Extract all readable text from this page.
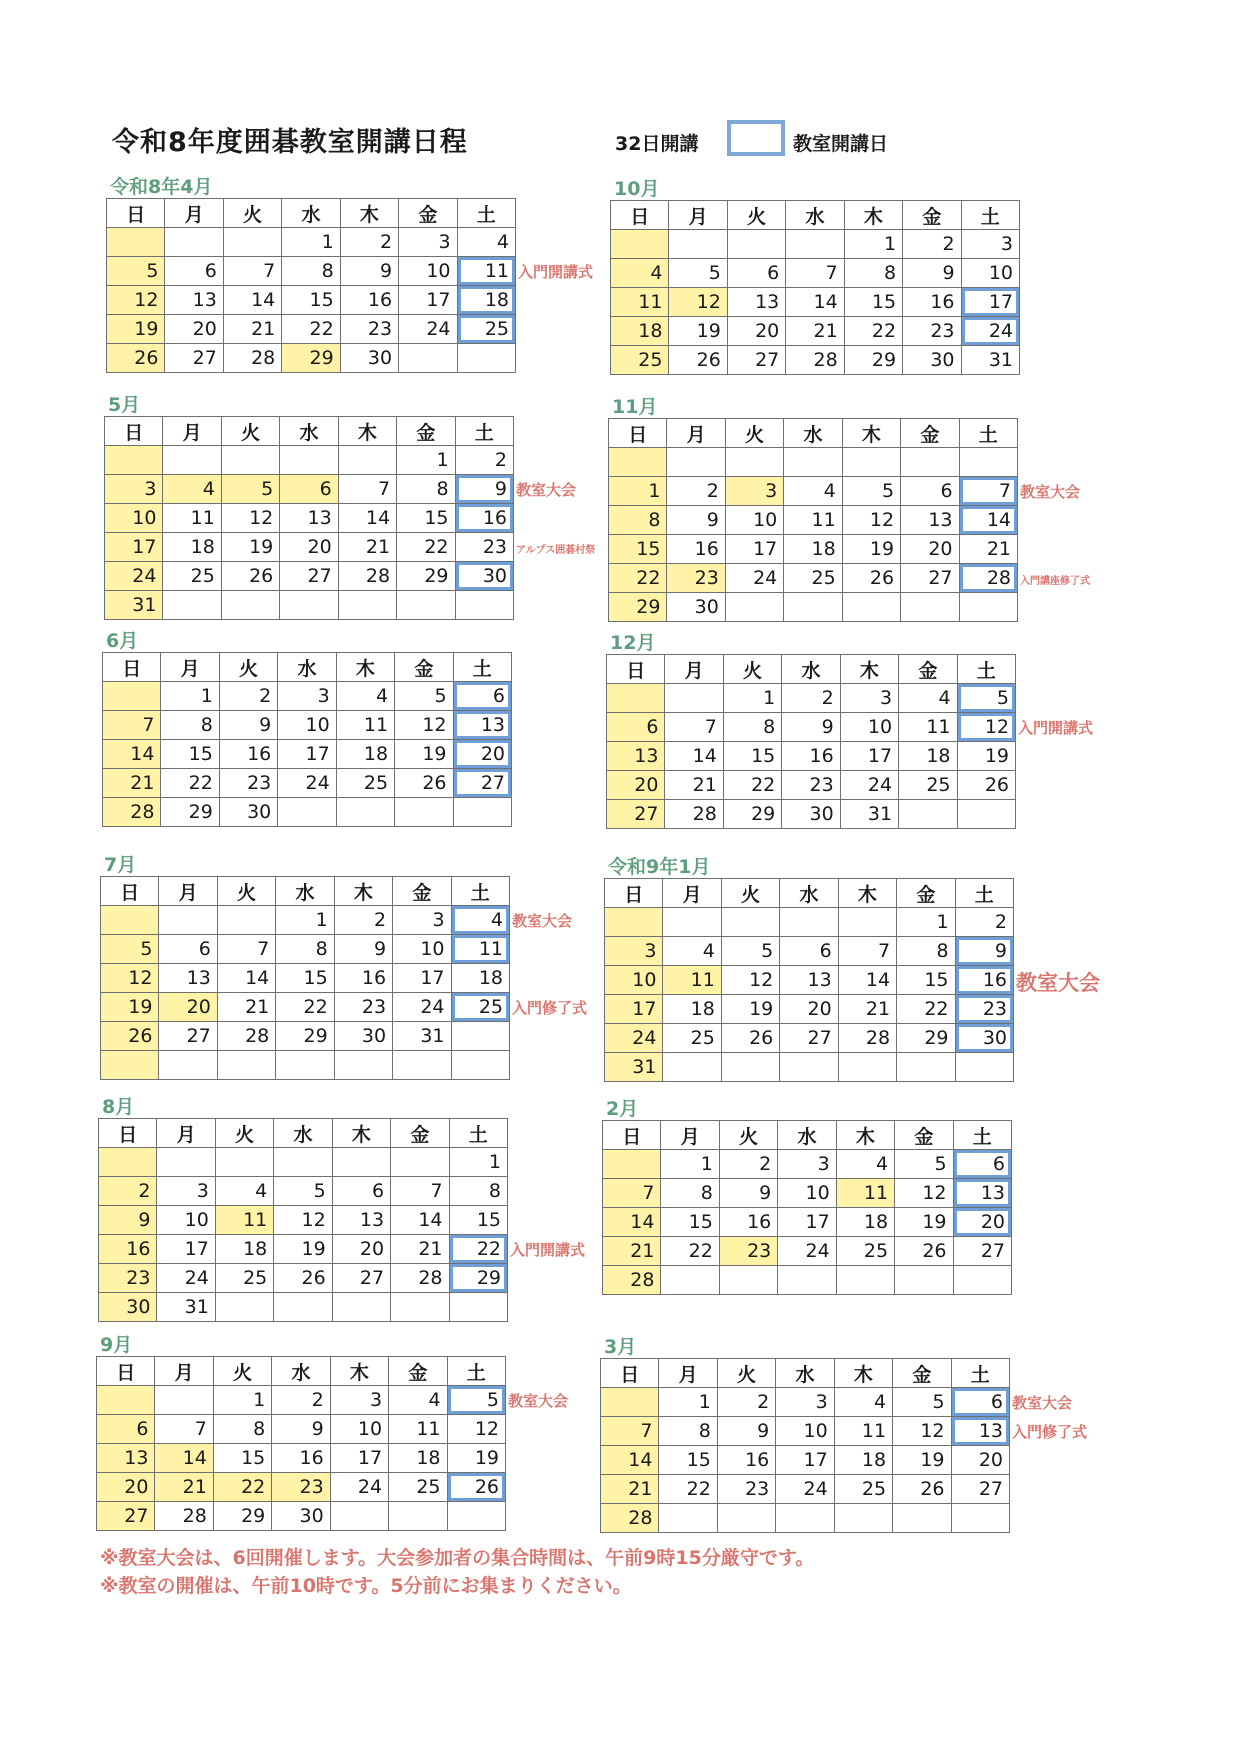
令和8年度囲碁教室開講日程	32日開講	教室開講日
令和8年4月
日	月	火	水	木	金	土
			1	2	3	4
5	6	7	8	9	10	11
12	13	14	15	16	17	18
19	20	21	22	23	24	25
26	27	28	29	30		
入門開講式
5月
日	月	火	水	木	金	土
					1	2
3	4	5	6	7	8	9
10	11	12	13	14	15	16
17	18	19	20	21	22	23
24	25	26	27	28	29	30
31						
教室大会
アルプス囲碁村祭
6月
日	月	火	水	木	金	土
	1	2	3	4	5	6
7	8	9	10	11	12	13
14	15	16	17	18	19	20
21	22	23	24	25	26	27
28	29	30				
7月
日	月	火	水	木	金	土
			1	2	3	4
5	6	7	8	9	10	11
12	13	14	15	16	17	18
19	20	21	22	23	24	25
26	27	28	29	30	31	

教室大会
入門修了式
8月
日	月	火	水	木	金	土
						1
2	3	4	5	6	7	8
9	10	11	12	13	14	15
16	17	18	19	20	21	22
23	24	25	26	27	28	29
30	31					
入門開講式
9月
日	月	火	水	木	金	土
		1	2	3	4	5
6	7	8	9	10	11	12
13	14	15	16	17	18	19
20	21	22	23	24	25	26
27	28	29	30			
教室大会
10月
日	月	火	水	木	金	土
				1	2	3
4	5	6	7	8	9	10
11	12	13	14	15	16	17
18	19	20	21	22	23	24
25	26	27	28	29	30	31
11月
日	月	火	水	木	金	土

1	2	3	4	5	6	7
8	9	10	11	12	13	14
15	16	17	18	19	20	21
22	23	24	25	26	27	28
29	30					
教室大会
入門講座修了式
12月
日	月	火	水	木	金	土
		1	2	3	4	5
6	7	8	9	10	11	12
13	14	15	16	17	18	19
20	21	22	23	24	25	26
27	28	29	30	31		
入門開講式
令和9年1月
日	月	火	水	木	金	土
					1	2
3	4	5	6	7	8	9
10	11	12	13	14	15	16
17	18	19	20	21	22	23
24	25	26	27	28	29	30
31						
教室大会
2月
日	月	火	水	木	金	土
	1	2	3	4	5	6
7	8	9	10	11	12	13
14	15	16	17	18	19	20
21	22	23	24	25	26	27
28						
3月
日	月	火	水	木	金	土
	1	2	3	4	5	6
7	8	9	10	11	12	13
14	15	16	17	18	19	20
21	22	23	24	25	26	27
28						
教室大会
入門修了式
※教室大会は、6回開催します。大会参加者の集合時間は、午前9時15分厳守です。
※教室の開催は、午前10時です。5分前にお集まりください。
